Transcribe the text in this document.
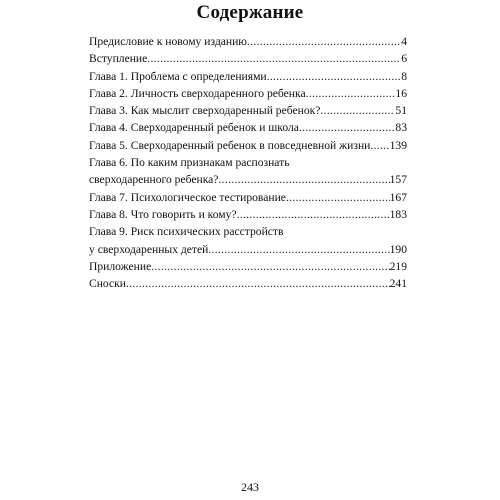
Содержание
Предисловие к новому изданию .....	4
Вступление .....	6
Глава 1. Проблема с определениями .....	8
Глава 2. Личность сверходаренного ребенка .....	16
Глава 3. Как мыслит сверходаренный ребенок? .....	51
Глава 4. Сверходаренный ребенок и школа .....	83
Глава 5. Сверходаренный ребенок в повседневной жизни ..... 139
Глава 6. По каким признакам распознать
сверходаренного ребенка? .....	157
Глава 7. Психологическое тестирование .....	167
Глава 8. Что говорить и кому? .....	183
Глава 9. Риск психических расстройств
у сверходаренных детей .....	190
Приложение .....	219
Сноски .....	241
243
